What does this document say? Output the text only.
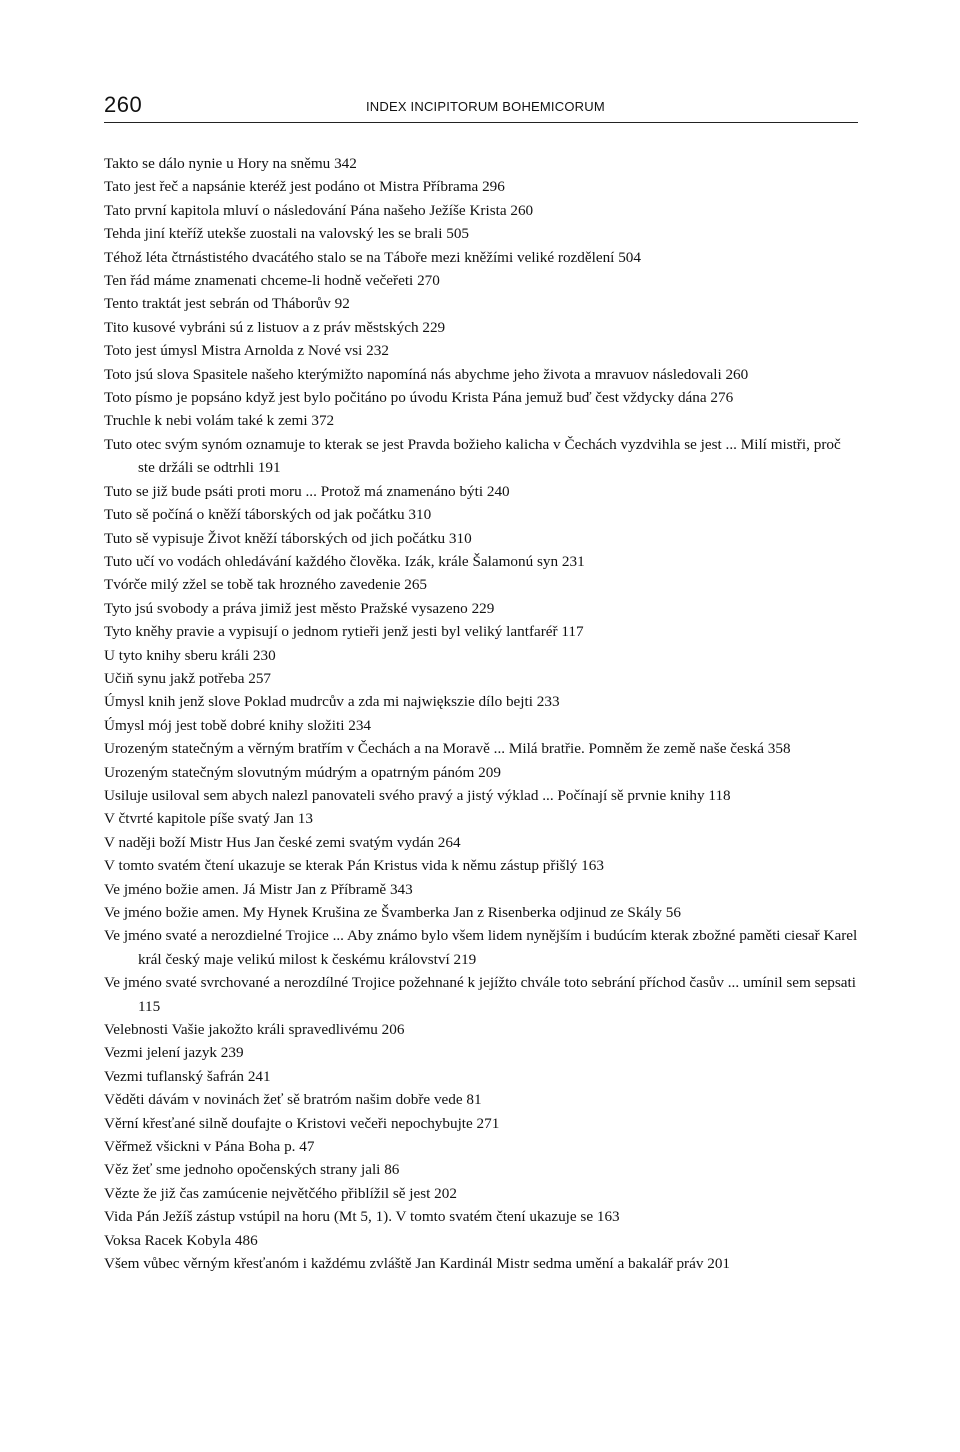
260	INDEX INCIPITORUM BOHEMICORUM
Takto se dálo nynie u Hory na sněmu 342
Tato jest řeč a napsánie kteréž jest podáno ot Mistra Příbrama 296
Tato první kapitola mluví o následování Pána našeho Ježíše Krista 260
Tehda jiní kteříž utekše zuostali na valovský les se brali 505
Téhož léta čtrnástistého dvacátého stalo se na Táboře mezi kněžími veliké rozdělení 504
Ten řád máme znamenati chceme-li hodně večeřeti 270
Tento traktát jest sebrán od Tháborův 92
Tito kusové vybráni sú z listuov a z práv městských 229
Toto jest úmysl Mistra Arnolda z Nové vsi 232
Toto jsú slova Spasitele našeho kterýmižto napomíná nás abychme jeho života a mravuov následovali 260
Toto písmo je popsáno když jest bylo počitáno po úvodu Krista Pána jemuž buď čest vždycky dána 276
Truchle k nebi volám také k zemi 372
Tuto otec svým synóm oznamuje to kterak se jest Pravda božieho kalicha v Čechách vyzdvihla se jest ... Milí mistři, proč ste držáli se odtrhli 191
Tuto se již bude psáti proti moru ... Protož má znamenáno býti 240
Tuto sě počíná o kněží táborských od jak počátku 310
Tuto sě vypisuje Život kněží táborských od jich počátku 310
Tuto učí vo vodách ohledávání každého člověka. Izák, krále Šalamonú syn 231
Tvórče milý zžel se tobě tak hrozného zavedenie 265
Tyto jsú svobody a práva jimiž jest město Pražské vysazeno 229
Tyto kněhy pravie a vypisují o jednom rytieři jenž jesti byl veliký lantfaréř 117
U tyto knihy sberu králi 230
Učiň synu jakž potřeba 257
Úmysl knih jenž slove Poklad mudrcův a zda mi największie dílo bejti 233
Úmysl mój jest tobě dobré knihy složiti 234
Urozeným statečným a věrným bratřím v Čechách a na Moravě ... Milá bratřie. Pomněm že země naše česká 358
Urozeným statečným slovutným múdrým a opatrným pánóm 209
Usiluje usiloval sem abych nalezl panovateli svého pravý a jistý výklad ... Počínají sě prvnie knihy 118
V čtvrté kapitole píše svatý Jan 13
V naději boží Mistr Hus Jan české zemi svatým vydán 264
V tomto svatém čtení ukazuje se kterak Pán Kristus vida k němu zástup přišlý 163
Ve jméno božie amen. Já Mistr Jan z Příbramě 343
Ve jméno božie amen. My Hynek Krušina ze Švamberka Jan z Risenberka odjinud ze Skály 56
Ve jméno svaté a nerozdielné Trojice ... Aby známo bylo všem lidem nynějším i budúcím kterak zbožné paměti ciesař Karel král český maje velikú milost k českému království 219
Ve jméno svaté svrchované a nerozdílné Trojice požehnané k jejížto chvále toto sebrání příchod časův ... umínil sem sepsati 115
Velebnosti Vašie jakožto králi spravedlivému 206
Vezmi jelení jazyk 239
Vezmi tuflanský šafrán 241
Věděti dávám v novinách žeť sě bratróm našim dobře vede 81
Věrní křesťané silně doufajte o Kristovi večeři nepochybujte 271
Věřmež všickni v Pána Boha p. 47
Věz žeť sme jednoho opočenských strany jali 86
Vězte že již čas zamúcenie největčého přiblížil sě jest 202
Vida Pán Ježíš zástup vstúpil na horu (Mt 5, 1). V tomto svatém čtení ukazuje se 163
Voksa Racek Kobyla 486
Všem vůbec věrným křesťanóm i každému zvláště Jan Kardinál Mistr sedma umění a bakalář práv 201
